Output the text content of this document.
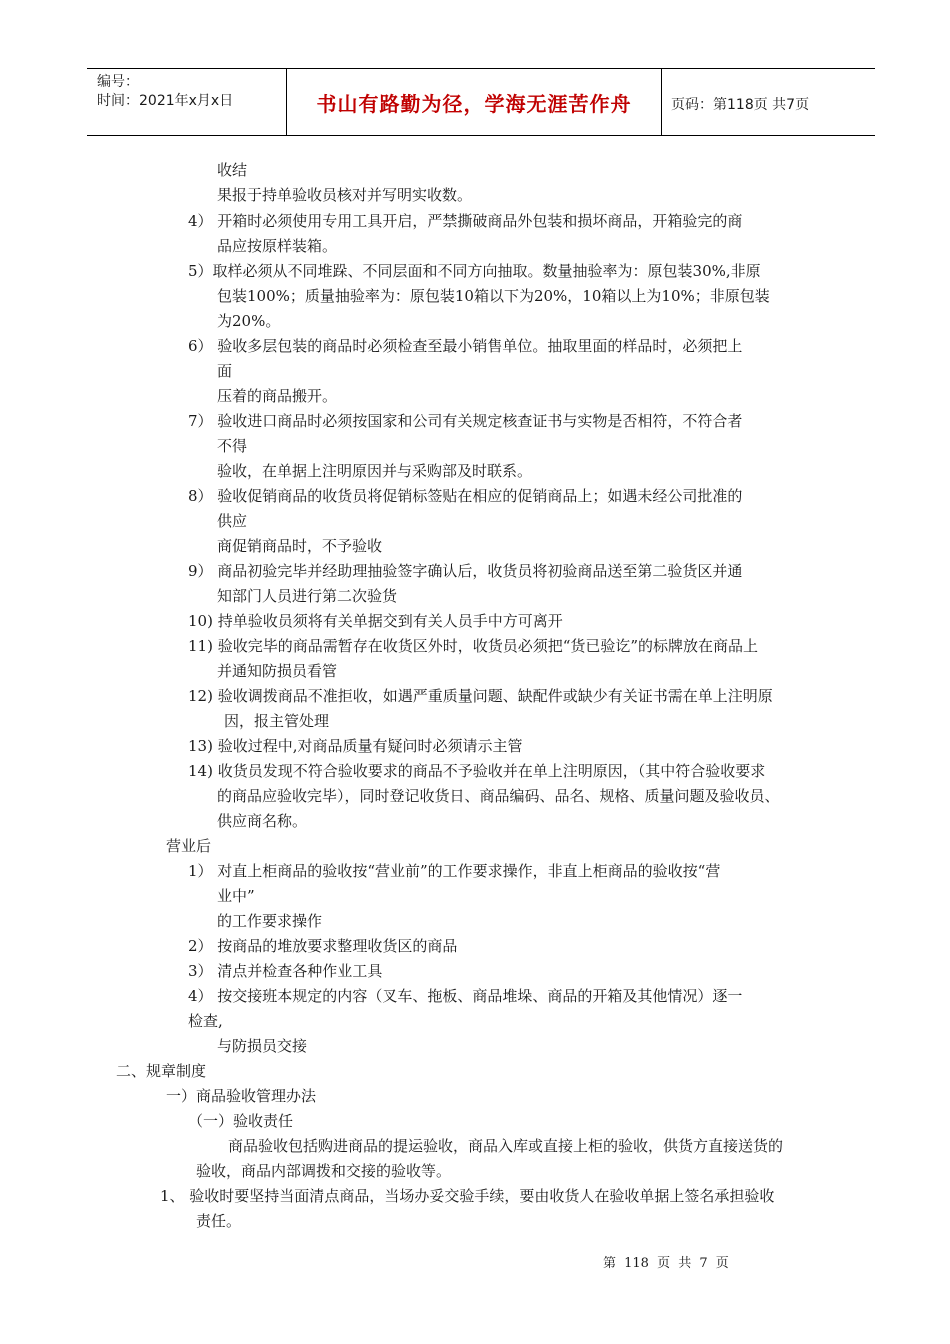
编号：
时间：2021年x月x日	书山有路勤为径，学海无涯苦作舟	页码：第118页 共7页
收结
果报于持单验收员核对并写明实收数。
4） 开箱时必须使用专用工具开启，严禁撕破商品外包装和损坏商品，开箱验完的商
品应按原样装箱。
5）取样必须从不同堆跺、不同层面和不同方向抽取。数量抽验率为：原包装30%,非原
包装100%；质量抽验率为：原包装10箱以下为20%，10箱以上为10%；非原包装
为20%。
6） 验收多层包装的商品时必须检查至最小销售单位。抽取里面的样品时，必须把上
面
压着的商品搬开。
7） 验收进口商品时必须按国家和公司有关规定核查证书与实物是否相符，不符合者
不得
验收，在单据上注明原因并与采购部及时联系。
8） 验收促销商品的收货员将促销标签贴在相应的促销商品上；如遇未经公司批准的
供应
商促销商品时，不予验收
9） 商品初验完毕并经助理抽验签字确认后，收货员将初验商品送至第二验货区并通
知部门人员进行第二次验货
10) 持单验收员须将有关单据交到有关人员手中方可离开
11) 验收完毕的商品需暂存在收货区外时，收货员必须把“货已验讫”的标牌放在商品上
并通知防损员看管
12) 验收调拨商品不准拒收，如遇严重质量问题、缺配件或缺少有关证书需在单上注明原
因，报主管处理
13) 验收过程中,对商品质量有疑问时必须请示主管
14) 收货员发现不符合验收要求的商品不予验收并在单上注明原因，（其中符合验收要求
的商品应验收完毕），同时登记收货日、商品编码、品名、规格、质量问题及验收员、
供应商名称。
营业后
1） 对直上柜商品的验收按“营业前”的工作要求操作，非直上柜商品的验收按“营
业中”
的工作要求操作
2） 按商品的堆放要求整理收货区的商品
3） 清点并检查各种作业工具
4） 按交接班本规定的内容（叉车、拖板、商品堆垛、商品的开箱及其他情况）逐一
检查,
与防损员交接
二、规章制度
一）商品验收管理办法
（一）验收责任
商品验收包括购进商品的提运验收，商品入库或直接上柜的验收，供货方直接送货的
验收，商品内部调拨和交接的验收等。
1、 验收时要坚持当面清点商品，当场办妥交验手续，要由收货人在验收单据上签名承担验收
责任。
第 118 页 共 7 页
